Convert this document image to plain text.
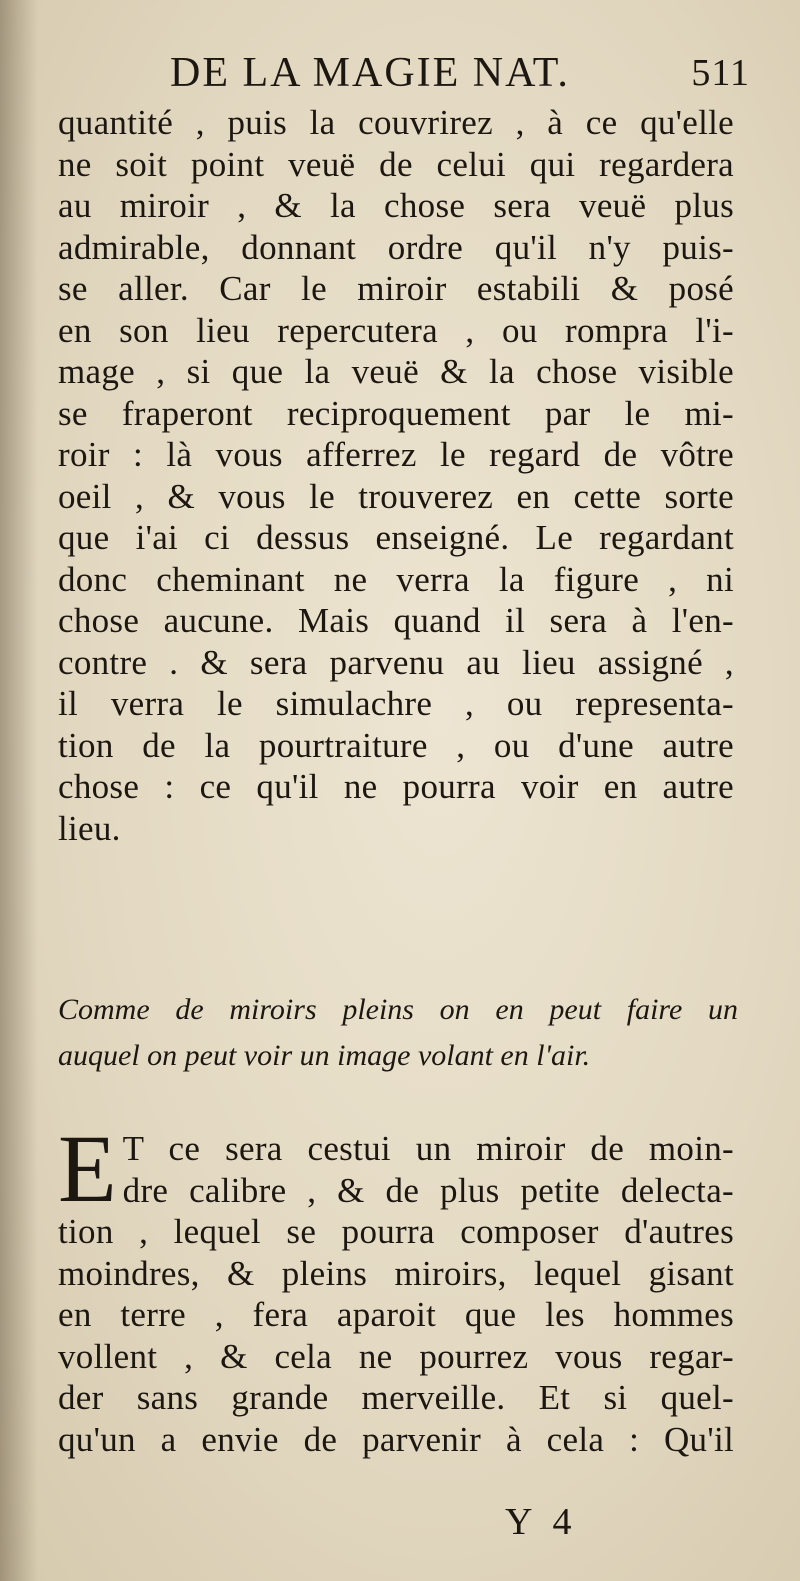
DE LA MAGIE NAT.	511
quantité , puis la couvrirez , à ce qu'elle
ne soit point veuë de celui qui regardera
au miroir , & la chose sera veuë plus
admirable, donnant ordre qu'il n'y puis-
se aller. Car le miroir estabili & posé
en son lieu repercutera , ou rompra l'i-
mage , si que la veuë & la chose visible
se fraperont reciproquement par le mi-
roir : là vous afferrez le regard de vôtre
oeil , & vous le trouverez en cette sorte
que i'ai ci dessus enseigné. Le regardant
donc cheminant ne verra la figure , ni
chose aucune. Mais quand il sera à l'en-
contre . & sera parvenu au lieu assigné ,
il verra le simulachre , ou representa-
tion de la pourtraiture , ou d'une autre
chose : ce qu'il ne pourra voir en autre
lieu.
Comme de miroirs pleins on en peut faire un
auquel on peut voir un image volant en l'air.
E T ce sera cestui un miroir de moin-
dre calibre , & de plus petite delecta-
tion , lequel se pourra composer d'autres
moindres, & pleins miroirs, lequel gisant
en terre , fera aparoit que les hommes
vollent , & cela ne pourrez vous regar-
der sans grande merveille. Et si quel-
qu'un a envie de parvenir à cela : Qu'il
Y 4
